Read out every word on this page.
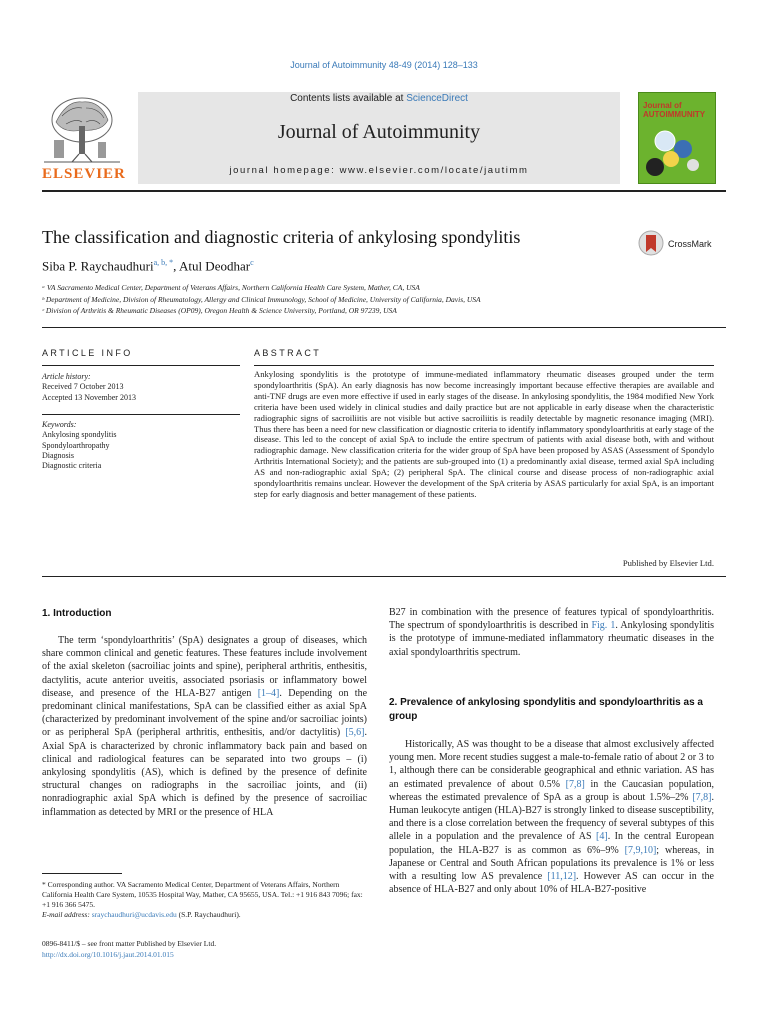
Journal of Autoimmunity 48-49 (2014) 128–133
ELSEVIER
Contents lists available at ScienceDirect
Journal of Autoimmunity
journal homepage: www.elsevier.com/locate/jautimm
Journal of AUTOIMMUNITY
The classification and diagnostic criteria of ankylosing spondylitis	CrossMark
Siba P. Raychaudhuri$^{a, b, *}$, Atul Deodhar$^c$
ᵃ VA Sacramento Medical Center, Department of Veterans Affairs, Northern California Health Care System, Mather, CA, USA
ᵇ Department of Medicine, Division of Rheumatology, Allergy and Clinical Immunology, School of Medicine, University of California, Davis, USA
ᶜ Division of Arthritis & Rheumatic Diseases (OP09), Oregon Health & Science University, Portland, OR 97239, USA
ARTICLE INFO
Article history:
Received 7 October 2013
Accepted 13 November 2013
Keywords:
Ankylosing spondylitis
Spondyloarthropathy
Diagnosis
Diagnostic criteria
ABSTRACT
Ankylosing spondylitis is the prototype of immune-mediated inflammatory rheumatic diseases grouped under the term spondyloarthritis (SpA). An early diagnosis has now become increasingly important because effective therapies are available and anti-TNF drugs are even more effective if used in early stages of the disease. In ankylosing spondylitis, the 1984 modified New York criteria have been used widely in clinical studies and daily practice but are not applicable in early disease when the characteristic radiographic signs of sacroiliitis are not visible but active sacroiliitis is readily detectable by magnetic resonance imaging (MRI). Thus there has been a need for new classification or diagnostic criteria to identify inflammatory spondyloarthritis at early stage of the disease. This led to the concept of axial SpA to include the entire spectrum of patients with axial disease both, with and without radiographic damage. New classification criteria for the wider group of SpA have been proposed by ASAS (Assessment of Spondylo Arthritis International Society); and the patients are sub-grouped into (1) a predominantly axial disease, termed axial SpA including AS and non-radiographic axial SpA; (2) peripheral SpA. The clinical course and disease process of non-radiographic axial spondyloarthritis remains unclear. However the development of the SpA criteria by ASAS particularly for axial SpA, is an important step for early diagnosis and better management of these patients.
Published by Elsevier Ltd.
1. Introduction
The term ‘spondyloarthritis’ (SpA) designates a group of diseases, which share common clinical and genetic features. These features include involvement of the axial skeleton (sacroiliac joints and spine), peripheral arthritis, enthesitis, dactylitis, acute anterior uveitis, associated psoriasis or inflammatory bowel disease, and presence of the HLA-B27 antigen [1–4]. Depending on the predominant clinical manifestations, SpA can be classified either as axial SpA (characterized by predominant involvement of the spine and/or sacroiliac joints) or as peripheral SpA (peripheral arthritis, enthesitis, and/or dactylitis) [5,6]. Axial SpA is characterized by chronic inflammatory back pain and based on clinical and radiological features can be separated into two groups – (i) ankylosing spondylitis (AS), which is defined by the presence of definite structural changes on radiographs in the sacroiliac joints, and (ii) nonradiographic axial SpA which is defined by the presence of sacroiliac inflammation as detected by MRI or the presence of HLA
* Corresponding author. VA Sacramento Medical Center, Department of Veterans Affairs, Northern California Health Care System, 10535 Hospital Way, Mather, CA 95655, USA. Tel.: +1 916 843 7096; fax: +1 916 366 5475.
E-mail address: sraychaudhuri@ucdavis.edu (S.P. Raychaudhuri).
0896-8411/$ – see front matter Published by Elsevier Ltd.
http://dx.doi.org/10.1016/j.jaut.2014.01.015
B27 in combination with the presence of features typical of spondyloarthritis. The spectrum of spondyloarthritis is described in Fig. 1. Ankylosing spondylitis is the prototype of immune-mediated inflammatory rheumatic diseases in the axial spondyloarthritis spectrum.
2. Prevalence of ankylosing spondylitis and spondyloarthritis as a group
Historically, AS was thought to be a disease that almost exclusively affected young men. More recent studies suggest a male-to-female ratio of about 2 or 3 to 1, although there can be considerable geographical and ethnic variation. AS has an estimated prevalence of about 0.5% [7,8] in the Caucasian population, whereas the estimated prevalence of SpA as a group is about 1.5%–2% [7,8]. Human leukocyte antigen (HLA)-B27 is strongly linked to disease susceptibility, and there is a close correlation between the frequency of several subtypes of this allele in a population and the prevalence of AS [4]. In the central European population, the HLA-B27 is as common as 6%–9% [7,9,10]; whereas, in Japanese or Central and South African populations its prevalence is 1% or less with a resulting low AS prevalence [11,12]. However AS can occur in the absence of HLA-B27 and only about 10% of HLA-B27-positive
